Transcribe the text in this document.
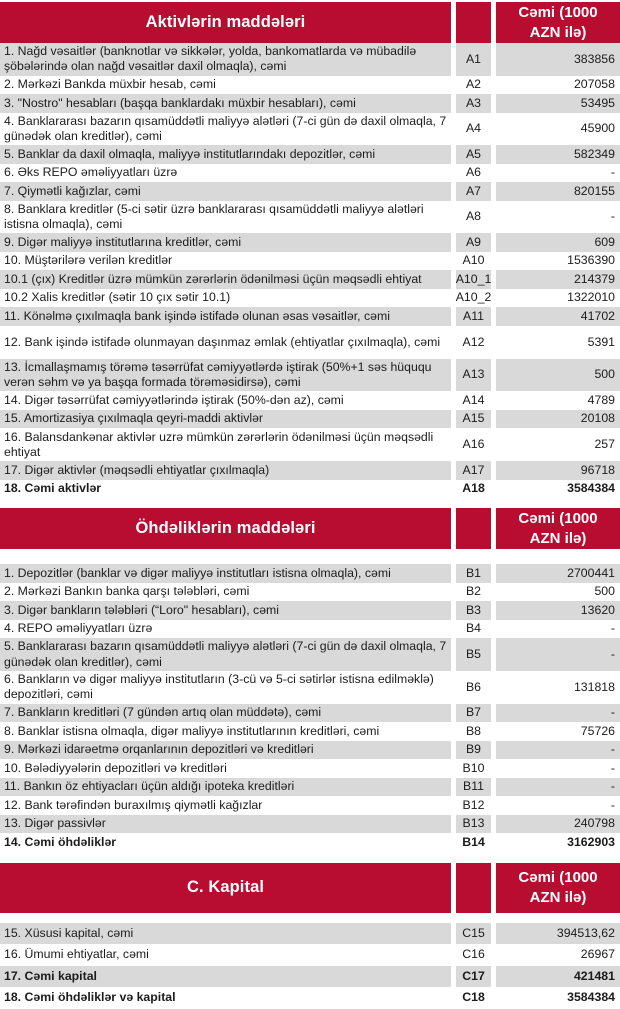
Aktivlərin maddələri
Cəmi (1000 AZN ilə)
1. Nağd vəsaitlər (banknotlar və sikkələr, yolda, bankomatlarda və mübadilə şöbələrində olan nağd vəsaitlər daxil olmaqla), cəmi
A1	383856
2. Mərkəzi Bankda müxbir hesab, cəmi	A2	207058
3. "Nostro" hesabları (başqa banklardakı müxbir hesabları), cəmi	A3	53495
4. Banklararası bazarın qısamüddətli maliyyə alətləri (7-ci gün də daxil olmaqla, 7 günədək olan kreditlər), cəmi
A4	45900
5. Banklar da daxil olmaqla, maliyyə institutlarındakı depozitlər, cəmi	A5	582349
6. Əks REPO əməliyyatları üzrə	A6	-
7. Qiymətli kağızlar, cəmi	A7	820155
8. Banklara kreditlər (5-ci sətir üzrə banklararası qısamüddətli maliyyə alətləri istisna olmaqla), cəmi
A8	-
9. Digər maliyyə institutlarına kreditlər, cəmi	A9	609
10. Müştərilərə verilən kreditlər	A10	1536390
10.1 (çıx) Kreditlər üzrə mümkün zərərlərin ödənilməsi üçün məqsədli ehtiyat	A10_1	214379
10.2 Xalis kreditlər (sətir 10 çıx sətir 10.1)	A10_2	1322010
11. Könəlmə çıxılmaqla bank işində istifadə olunan əsas vəsaitlər, cəmi	A11	41702
12. Bank işində istifadə olunmayan daşınmaz əmlak (ehtiyatlar çıxılmaqla), cəmi	A12	5391
13. İcmallaşmamış törəmə təsərrüfat cəmiyyətlərdə iştirak (50%+1 səs hüququ verən səhm və ya başqa formada törəməsidirsə), cəmi
A13	500
14. Digər təsərrüfat cəmiyyətlərində iştirak (50%-dən az), cəmi	A14	4789
15. Amortizasiya çıxılmaqla qeyri-maddi aktivlər	A15	20108
16. Balansdankənar aktivlər uzrə mümkün zərərlərin ödənilməsi üçün məqsədli ehtiyat
A16	257
17. Digər aktivlər (məqsədli ehtiyatlar çıxılmaqla)	A17	96718
18. Cəmi aktivlər	A18	3584384
Öhdəliklərin maddələri
Cəmi (1000 AZN ilə)
1. Depozitlər (banklar və digər maliyyə institutları istisna olmaqla), cəmi	B1	2700441
2. Mərkəzi Bankın banka qarşı tələbləri, cəmi	B2	500
3. Digər bankların tələbləri (“Loro" hesabları), cəmi	B3	13620
4. REPO əməliyyatları üzrə	B4	-
5. Banklararası bazarın qısamüddətli maliyyə alətləri (7-ci gün də daxil olmaqla, 7 günədək olan kreditlər), cəmi
B5	-
6. Bankların və digər maliyyə institutların (3-cü və 5-ci sətirlər istisna edilməklə) depozitləri, cəmi
B6	131818
7. Bankların kreditləri (7 gündən artıq olan müddətə), cəmi	B7	-
8. Banklar istisna olmaqla, digər maliyyə institutlarının kreditləri, cəmi	B8	75726
9. Mərkəzi idarəetmə orqanlarının depozitləri və kreditləri	B9	-
10. Bələdiyyələrin depozitləri və kreditləri	B10	-
11. Bankın öz ehtiyacları üçün aldığı ipoteka kreditləri	B11	-
12. Bank tərəfindən buraxılmış qiymətli kağızlar	B12	-
13. Digər passivlər	B13	240798
14. Cəmi öhdəliklər	B14	3162903
C. Kapital
Cəmi (1000 AZN ilə)
15. Xüsusi kapital, cəmi	C15	394513,62
16. Ümumi ehtiyatlar, cəmi	C16	26967
17. Cəmi kapital	C17	421481
18. Cəmi öhdəliklər və kapital	C18	3584384
